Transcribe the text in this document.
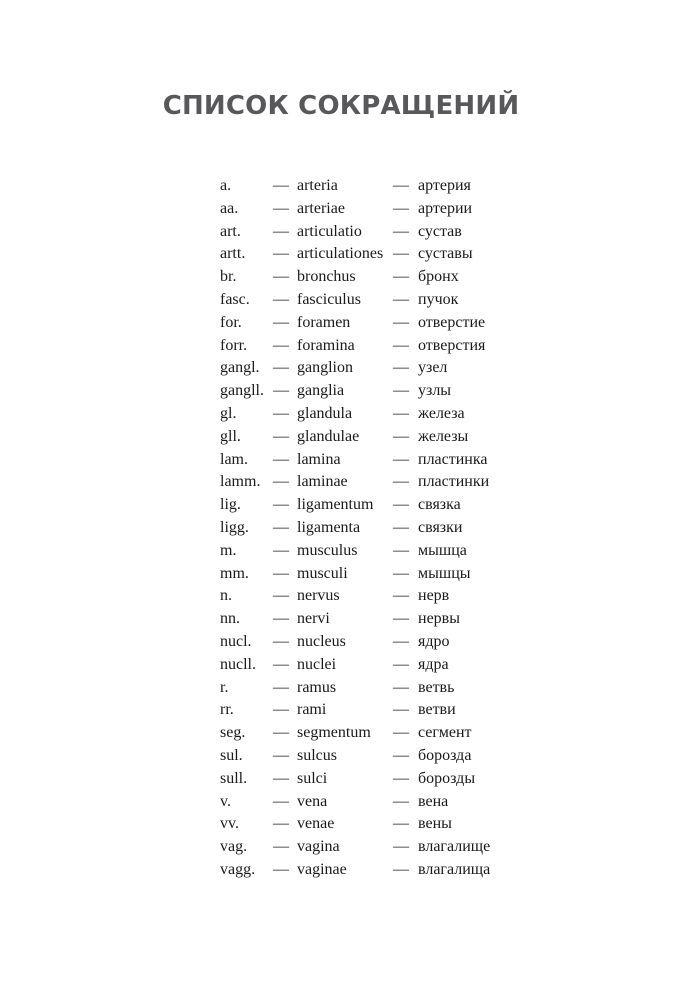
СПИСОК СОКРАЩЕНИЙ
a.	— arteria	— артерия
aa. — arteriae	— артерии
art. — articulatio — сустав
artt. — articulationes — суставы
br. — bronchus — бронх
fasc. — fasciculus — пучок
for. — foramen	— отверстие
forr. — foramina — отверстия
gangl. — ganglion	— узел
gangll. — ganglia	— узлы
gl. — glandula	— железа
gll. — glandulae — железы
lam. — lamina	— пластинка
lamm. — laminae	— пластинки
lig. — ligamentum — связка
ligg. — ligamenta — связки
m. — musculus — мышца
mm. — musculi	— мышцы
n.	— nervus	— нерв
nn. — nervi	— нервы
nucl. — nucleus	— ядро
nucll. — nuclei	— ядра
r.	— ramus	— ветвь
rr. — rami	— ветви
seg. — segmentum — сегмент
sul. — sulcus	— борозда
sull. — sulci	— борозды
v.	— vena	— вена
vv. — venae	— вены
vag. — vagina	— влагалище
vagg. — vaginae	— влагалища
